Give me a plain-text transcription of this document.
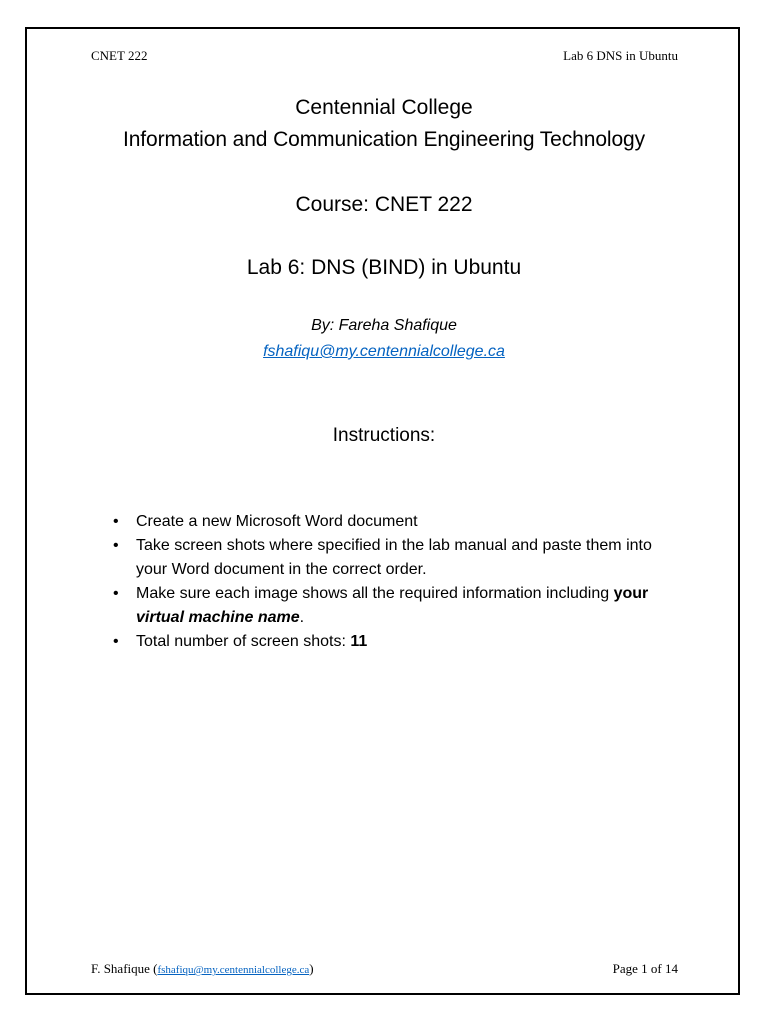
CNET 222	Lab 6 DNS in Ubuntu
Centennial College
Information and Communication Engineering Technology
Course: CNET 222
Lab 6: DNS (BIND) in Ubuntu
By: Fareha Shafique
fshafiqu@my.centennialcollege.ca
Instructions:
• Create a new Microsoft Word document
• Take screen shots where specified in the lab manual and paste them into your Word document in the correct order.
• Make sure each image shows all the required information including your virtual machine name.
• Total number of screen shots: 11
F. Shafique (fshafiqu@my.centennialcollege.ca)	Page 1 of 14
